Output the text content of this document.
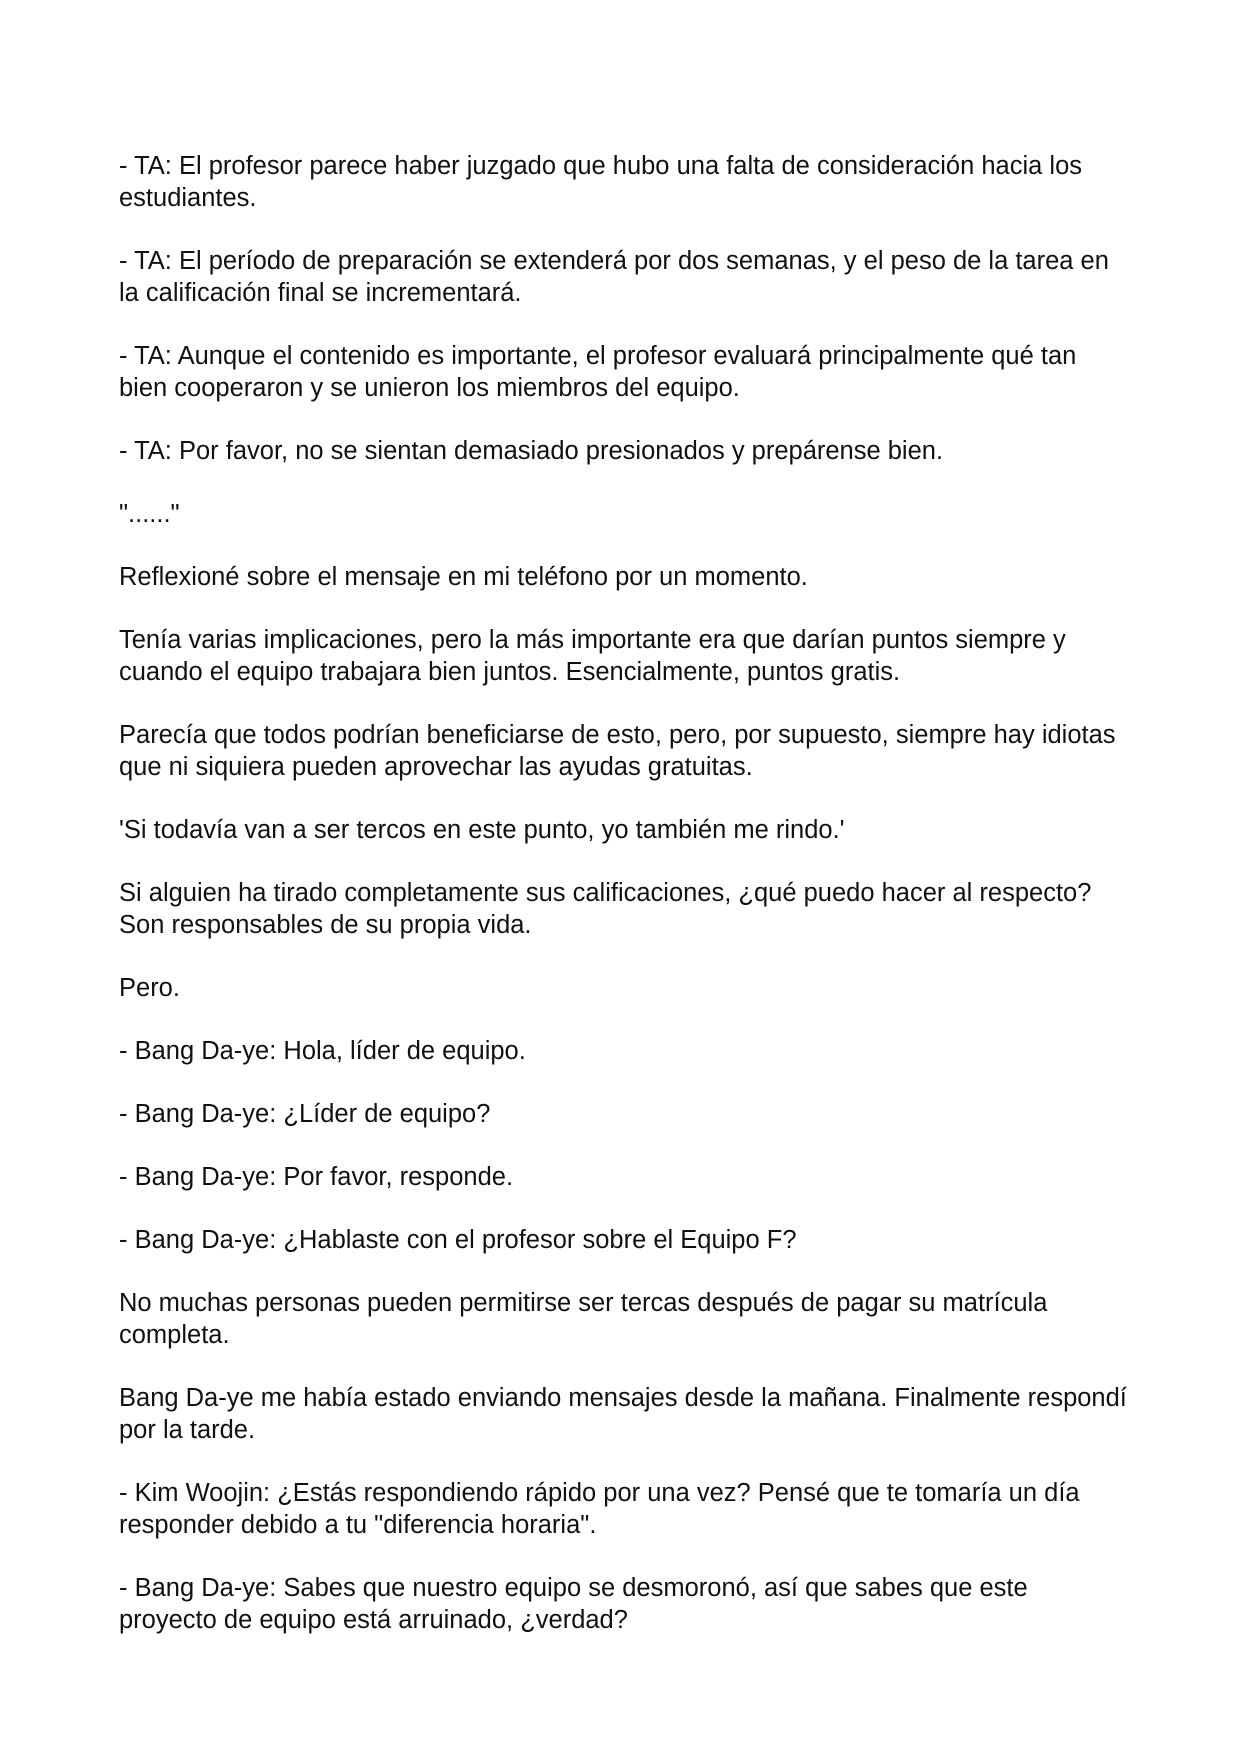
- TA: El profesor parece haber juzgado que hubo una falta de consideración hacia los estudiantes.

- TA: El período de preparación se extenderá por dos semanas, y el peso de la tarea en la calificación final se incrementará.

- TA: Aunque el contenido es importante, el profesor evaluará principalmente qué tan bien cooperaron y se unieron los miembros del equipo.

- TA: Por favor, no se sientan demasiado presionados y prepárense bien.

"......"

Reflexioné sobre el mensaje en mi teléfono por un momento.

Tenía varias implicaciones, pero la más importante era que darían puntos siempre y cuando el equipo trabajara bien juntos. Esencialmente, puntos gratis.

Parecía que todos podrían beneficiarse de esto, pero, por supuesto, siempre hay idiotas que ni siquiera pueden aprovechar las ayudas gratuitas.

'Si todavía van a ser tercos en este punto, yo también me rindo.'

Si alguien ha tirado completamente sus calificaciones, ¿qué puedo hacer al respecto? Son responsables de su propia vida.

Pero.

- Bang Da-ye: Hola, líder de equipo.

- Bang Da-ye: ¿Líder de equipo?

- Bang Da-ye: Por favor, responde.

- Bang Da-ye: ¿Hablaste con el profesor sobre el Equipo F?

No muchas personas pueden permitirse ser tercas después de pagar su matrícula completa.

Bang Da-ye me había estado enviando mensajes desde la mañana. Finalmente respondí por la tarde.

- Kim Woojin: ¿Estás respondiendo rápido por una vez? Pensé que te tomaría un día responder debido a tu "diferencia horaria".

- Bang Da-ye: Sabes que nuestro equipo se desmoronó, así que sabes que este proyecto de equipo está arruinado, ¿verdad?
